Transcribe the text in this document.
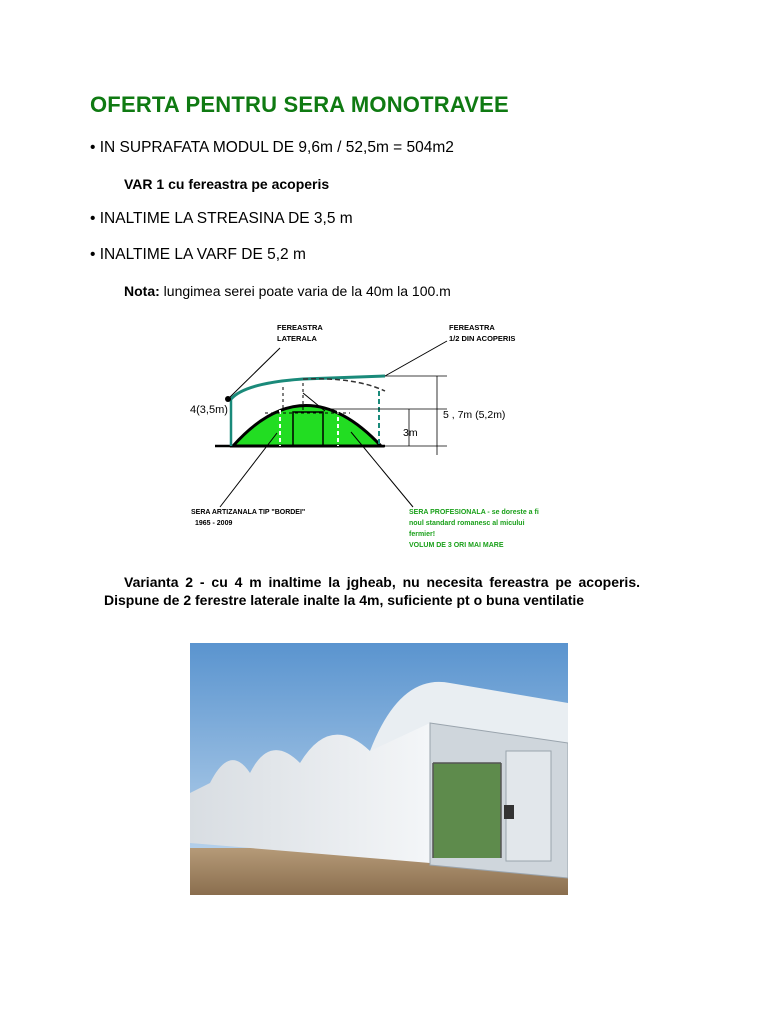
OFERTA PENTRU SERA MONOTRAVEE

• IN SUPRAFATA MODUL DE 9,6m / 52,5m = 504m2

VAR 1 cu fereastra pe acoperis

• INALTIME LA STREASINA DE 3,5 m

• INALTIME LA VARF DE 5,2 m

Nota: lungimea serei poate varia de la 40m la 100.m

FEREASTRA
LATERALA
FEREASTRA
1/2 DIN ACOPERIS
4(3,5m)	5 , 7m (5,2m)
3m
SERA ARTIZANALA TIP "BORDEI"
1965 - 2009
SERA PROFESIONALA - se doreste a fi
noul standard romanesc al micului
fermier!
VOLUM DE 3 ORI MAI MARE

Varianta 2 - cu 4 m inaltime la jgheab, nu necesita fereastra pe acoperis.
Dispune de 2 ferestre laterale inalte la 4m, suficiente pt o buna ventilatie
